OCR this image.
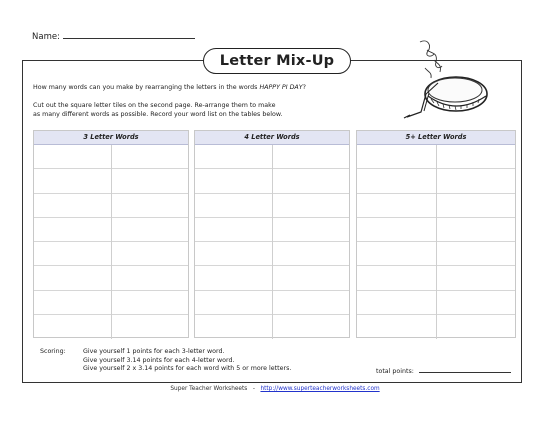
Name:
Letter Mix-Up
How many words can you make by rearranging the letters in the words HAPPY PI DAY?
Cut out the square letter tiles on the second page. Re-arrange them to make
as many different words as possible. Record your word list on the tables below.
3 Letter Words	4 Letter Words	5+ Letter Words
Scoring:	Give yourself 1 points for each 3-letter word.
Give yourself 3.14 points for each 4-letter word.
Give yourself 2 x 3.14 points for each word with 5 or more letters.	total points:
Super Teacher Worksheets - http://www.superteacherworksheets.com
